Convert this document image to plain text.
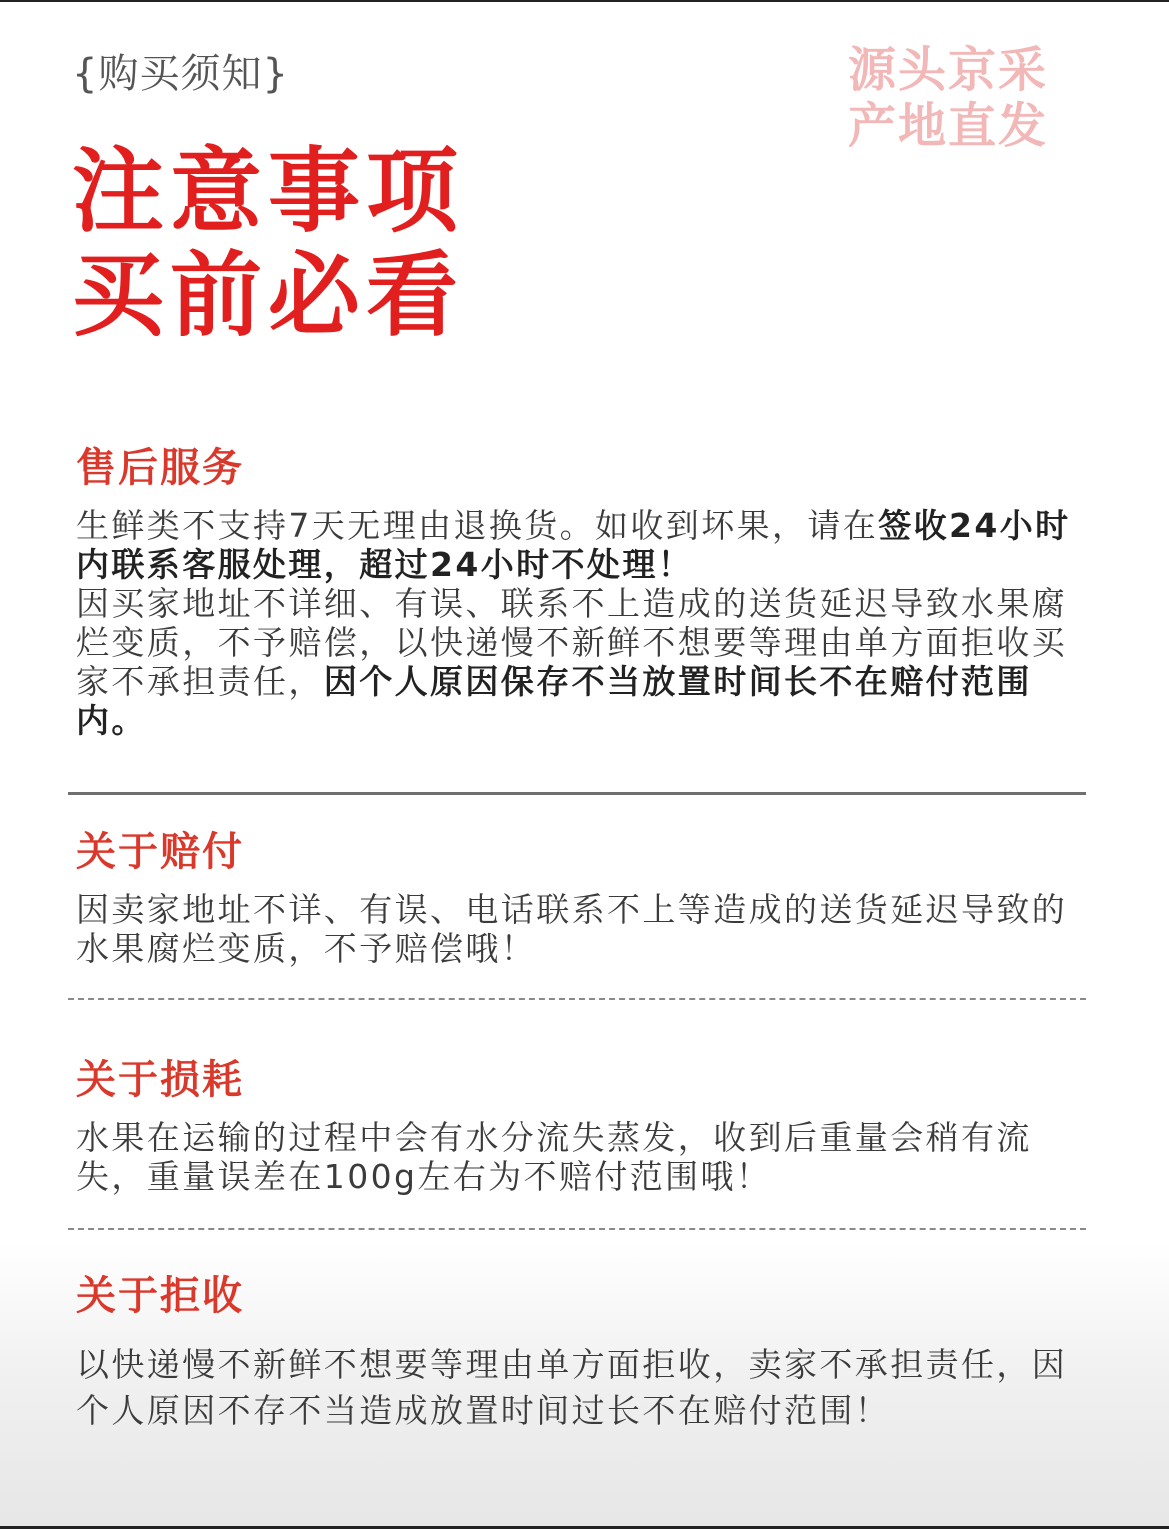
{购买须知}	源头京采
产地直发
注意事项
买前必看
售后服务
生鲜类不支持7天无理由退换货。如收到坏果，请在签收24小时内联系客服处理，超过24小时不处理！
因买家地址不详细、有误、联系不上造成的送货延迟导致水果腐烂变质，不予赔偿，以快递慢不新鲜不想要等理由单方面拒收买家不承担责任，因个人原因保存不当放置时间长不在赔付范围内。
关于赔付
因卖家地址不详、有误、电话联系不上等造成的送货延迟导致的水果腐烂变质，不予赔偿哦！
关于损耗
水果在运输的过程中会有水分流失蒸发，收到后重量会稍有流失，重量误差在100g左右为不赔付范围哦！
关于拒收
以快递慢不新鲜不想要等理由单方面拒收，卖家不承担责任，因个人原因不存不当造成放置时间过长不在赔付范围！
